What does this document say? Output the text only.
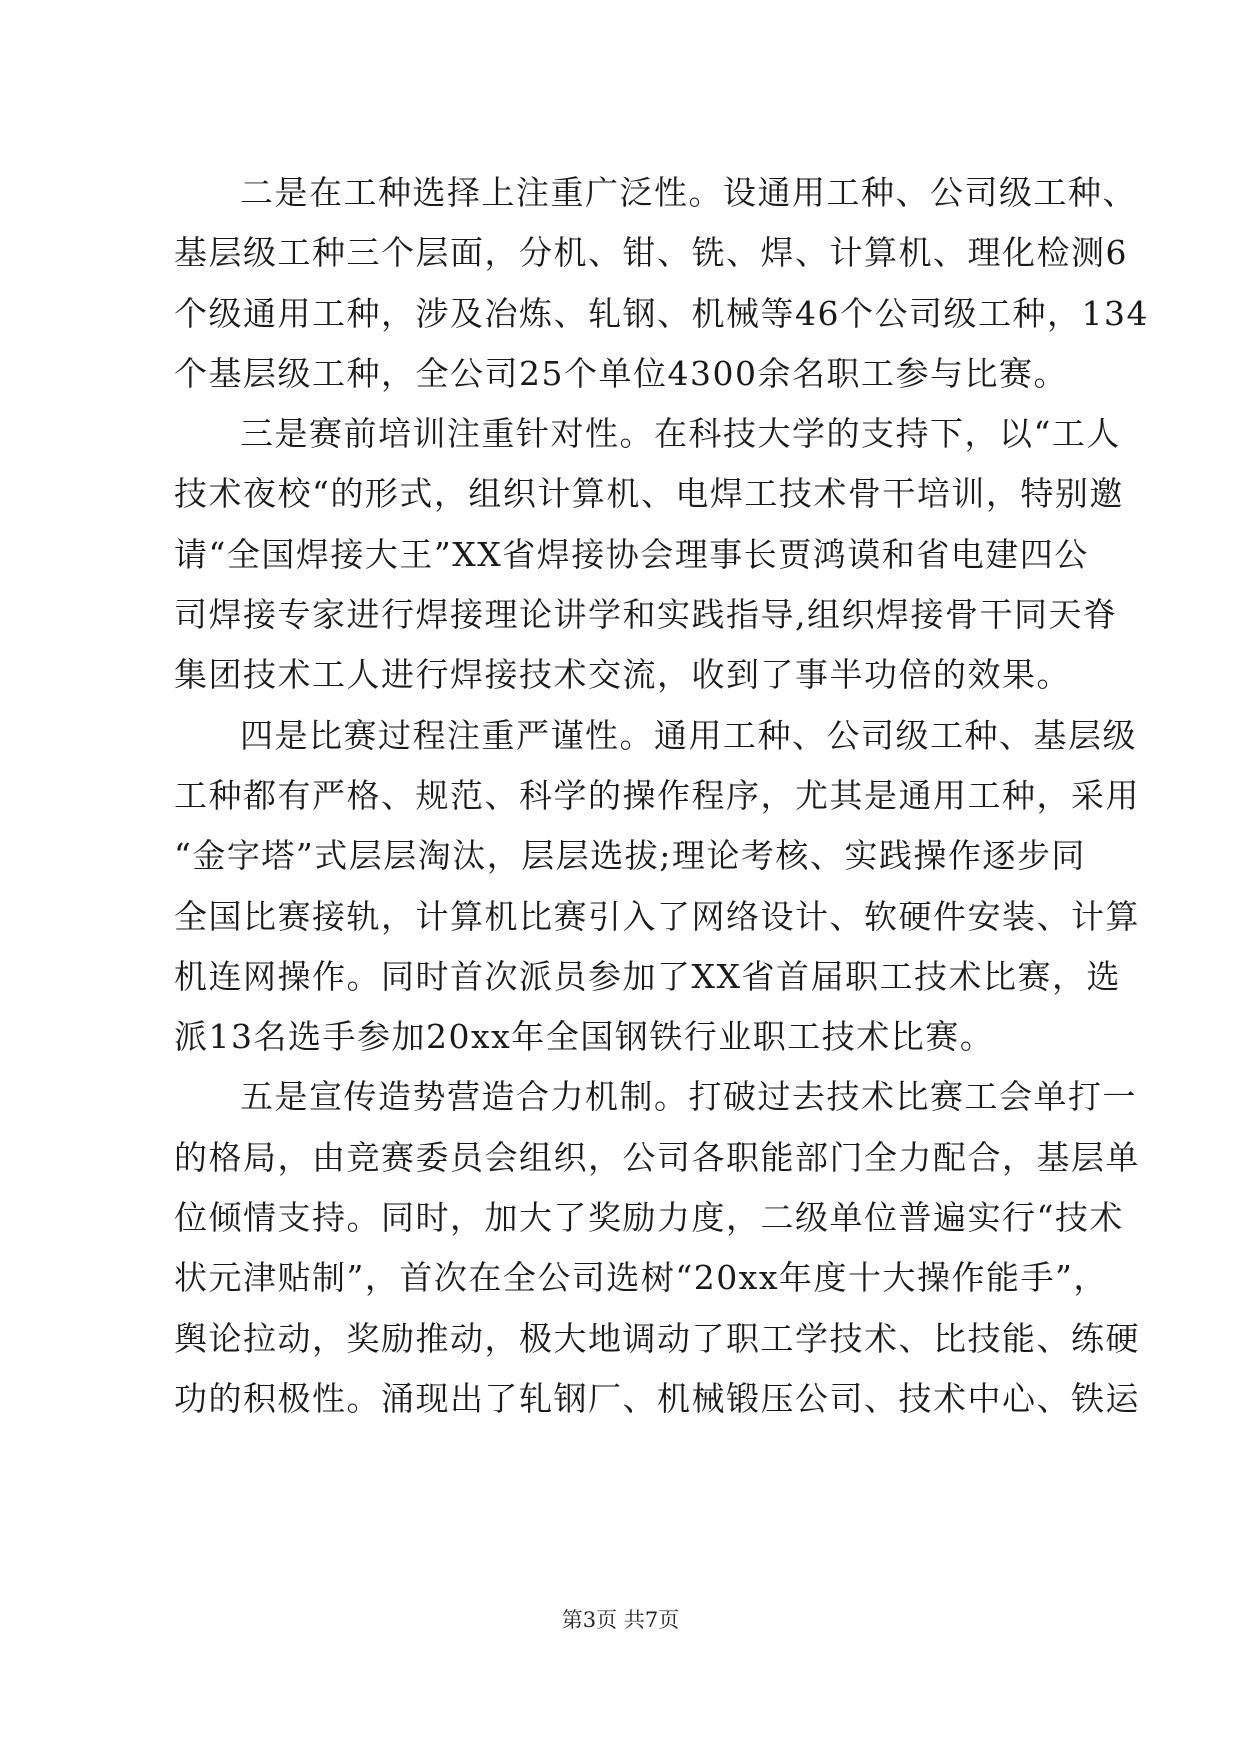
二是在工种选择上注重广泛性。设通用工种、公司级工种、
基层级工种三个层面，分机、钳、铣、焊、计算机、理化检测6
个级通用工种，涉及冶炼、轧钢、机械等46个公司级工种，134
个基层级工种，全公司25个单位4300余名职工参与比赛。
三是赛前培训注重针对性。在科技大学的支持下，以“工人
技术夜校“的形式，组织计算机、电焊工技术骨干培训，特别邀
请“全国焊接大王”XX省焊接协会理事长贾鸿谟和省电建四公
司焊接专家进行焊接理论讲学和实践指导,组织焊接骨干同天脊
集团技术工人进行焊接技术交流，收到了事半功倍的效果。
四是比赛过程注重严谨性。通用工种、公司级工种、基层级
工种都有严格、规范、科学的操作程序，尤其是通用工种，采用
“金字塔”式层层淘汰，层层选拔;理论考核、实践操作逐步同
全国比赛接轨，计算机比赛引入了网络设计、软硬件安装、计算
机连网操作。同时首次派员参加了XX省首届职工技术比赛，选
派13名选手参加20xx年全国钢铁行业职工技术比赛。
五是宣传造势营造合力机制。打破过去技术比赛工会单打一
的格局，由竞赛委员会组织，公司各职能部门全力配合，基层单
位倾情支持。同时，加大了奖励力度，二级单位普遍实行“技术
状元津贴制”，首次在全公司选树“20xx年度十大操作能手”，
舆论拉动，奖励推动，极大地调动了职工学技术、比技能、练硬
功的积极性。涌现出了轧钢厂、机械锻压公司、技术中心、铁运
第3页 共7页
